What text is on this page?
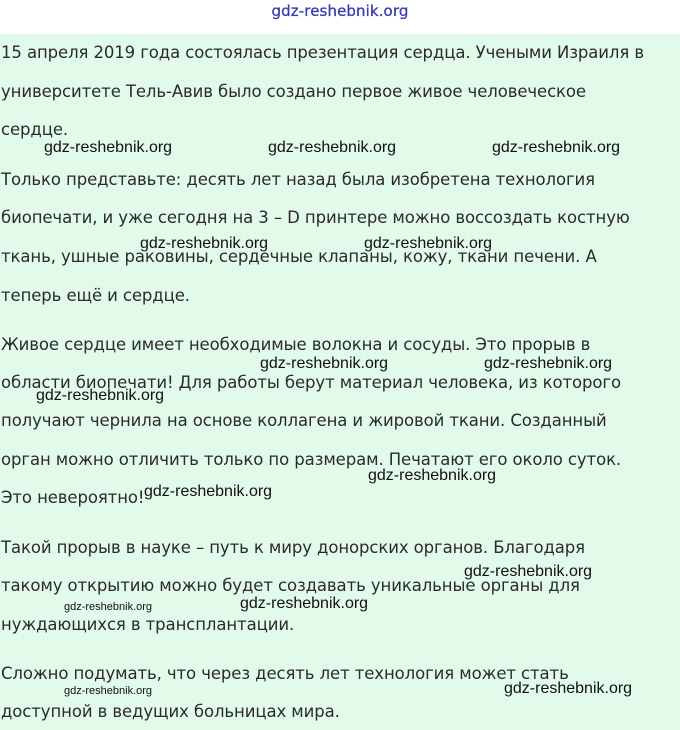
gdz-reshebnik.org

15 апреля 2019 года состоялась презентация сердца. Учеными Израиля в

университете Тель-Авив было создано первое живое человеческое

сердце.

Только представьте: десять лет назад была изобретена технология

биопечати, и уже сегодня на 3 – D принтере можно воссоздать костную

ткань, ушные раковины, сердечные клапаны, кожу, ткани печени. А

теперь ещё и сердце.

Живое сердце имеет необходимые волокна и сосуды. Это прорыв в

области биопечати! Для работы берут материал человека, из которого

получают чернила на основе коллагена и жировой ткани. Созданный

орган можно отличить только по размерам. Печатают его около суток.

Это невероятно!

Такой прорыв в науке – путь к миру донорских органов. Благодаря

такому открытию можно будет создавать уникальные органы для

нуждающихся в трансплантации.

Сложно подумать, что через десять лет технология может стать

доступной в ведущих больницах мира.

gdz-reshebnik.org	gdz-reshebnik.org	gdz-reshebnik.org
gdz-reshebnik.org	gdz-reshebnik.org
gdz-reshebnik.org	gdz-reshebnik.org
gdz-reshebnik.org
gdz-reshebnik.org
gdz-reshebnik.org
gdz-reshebnik.org
gdz-reshebnik.org
gdz-reshebnik.org
gdz-reshebnik.org
gdz-reshebnik.org
